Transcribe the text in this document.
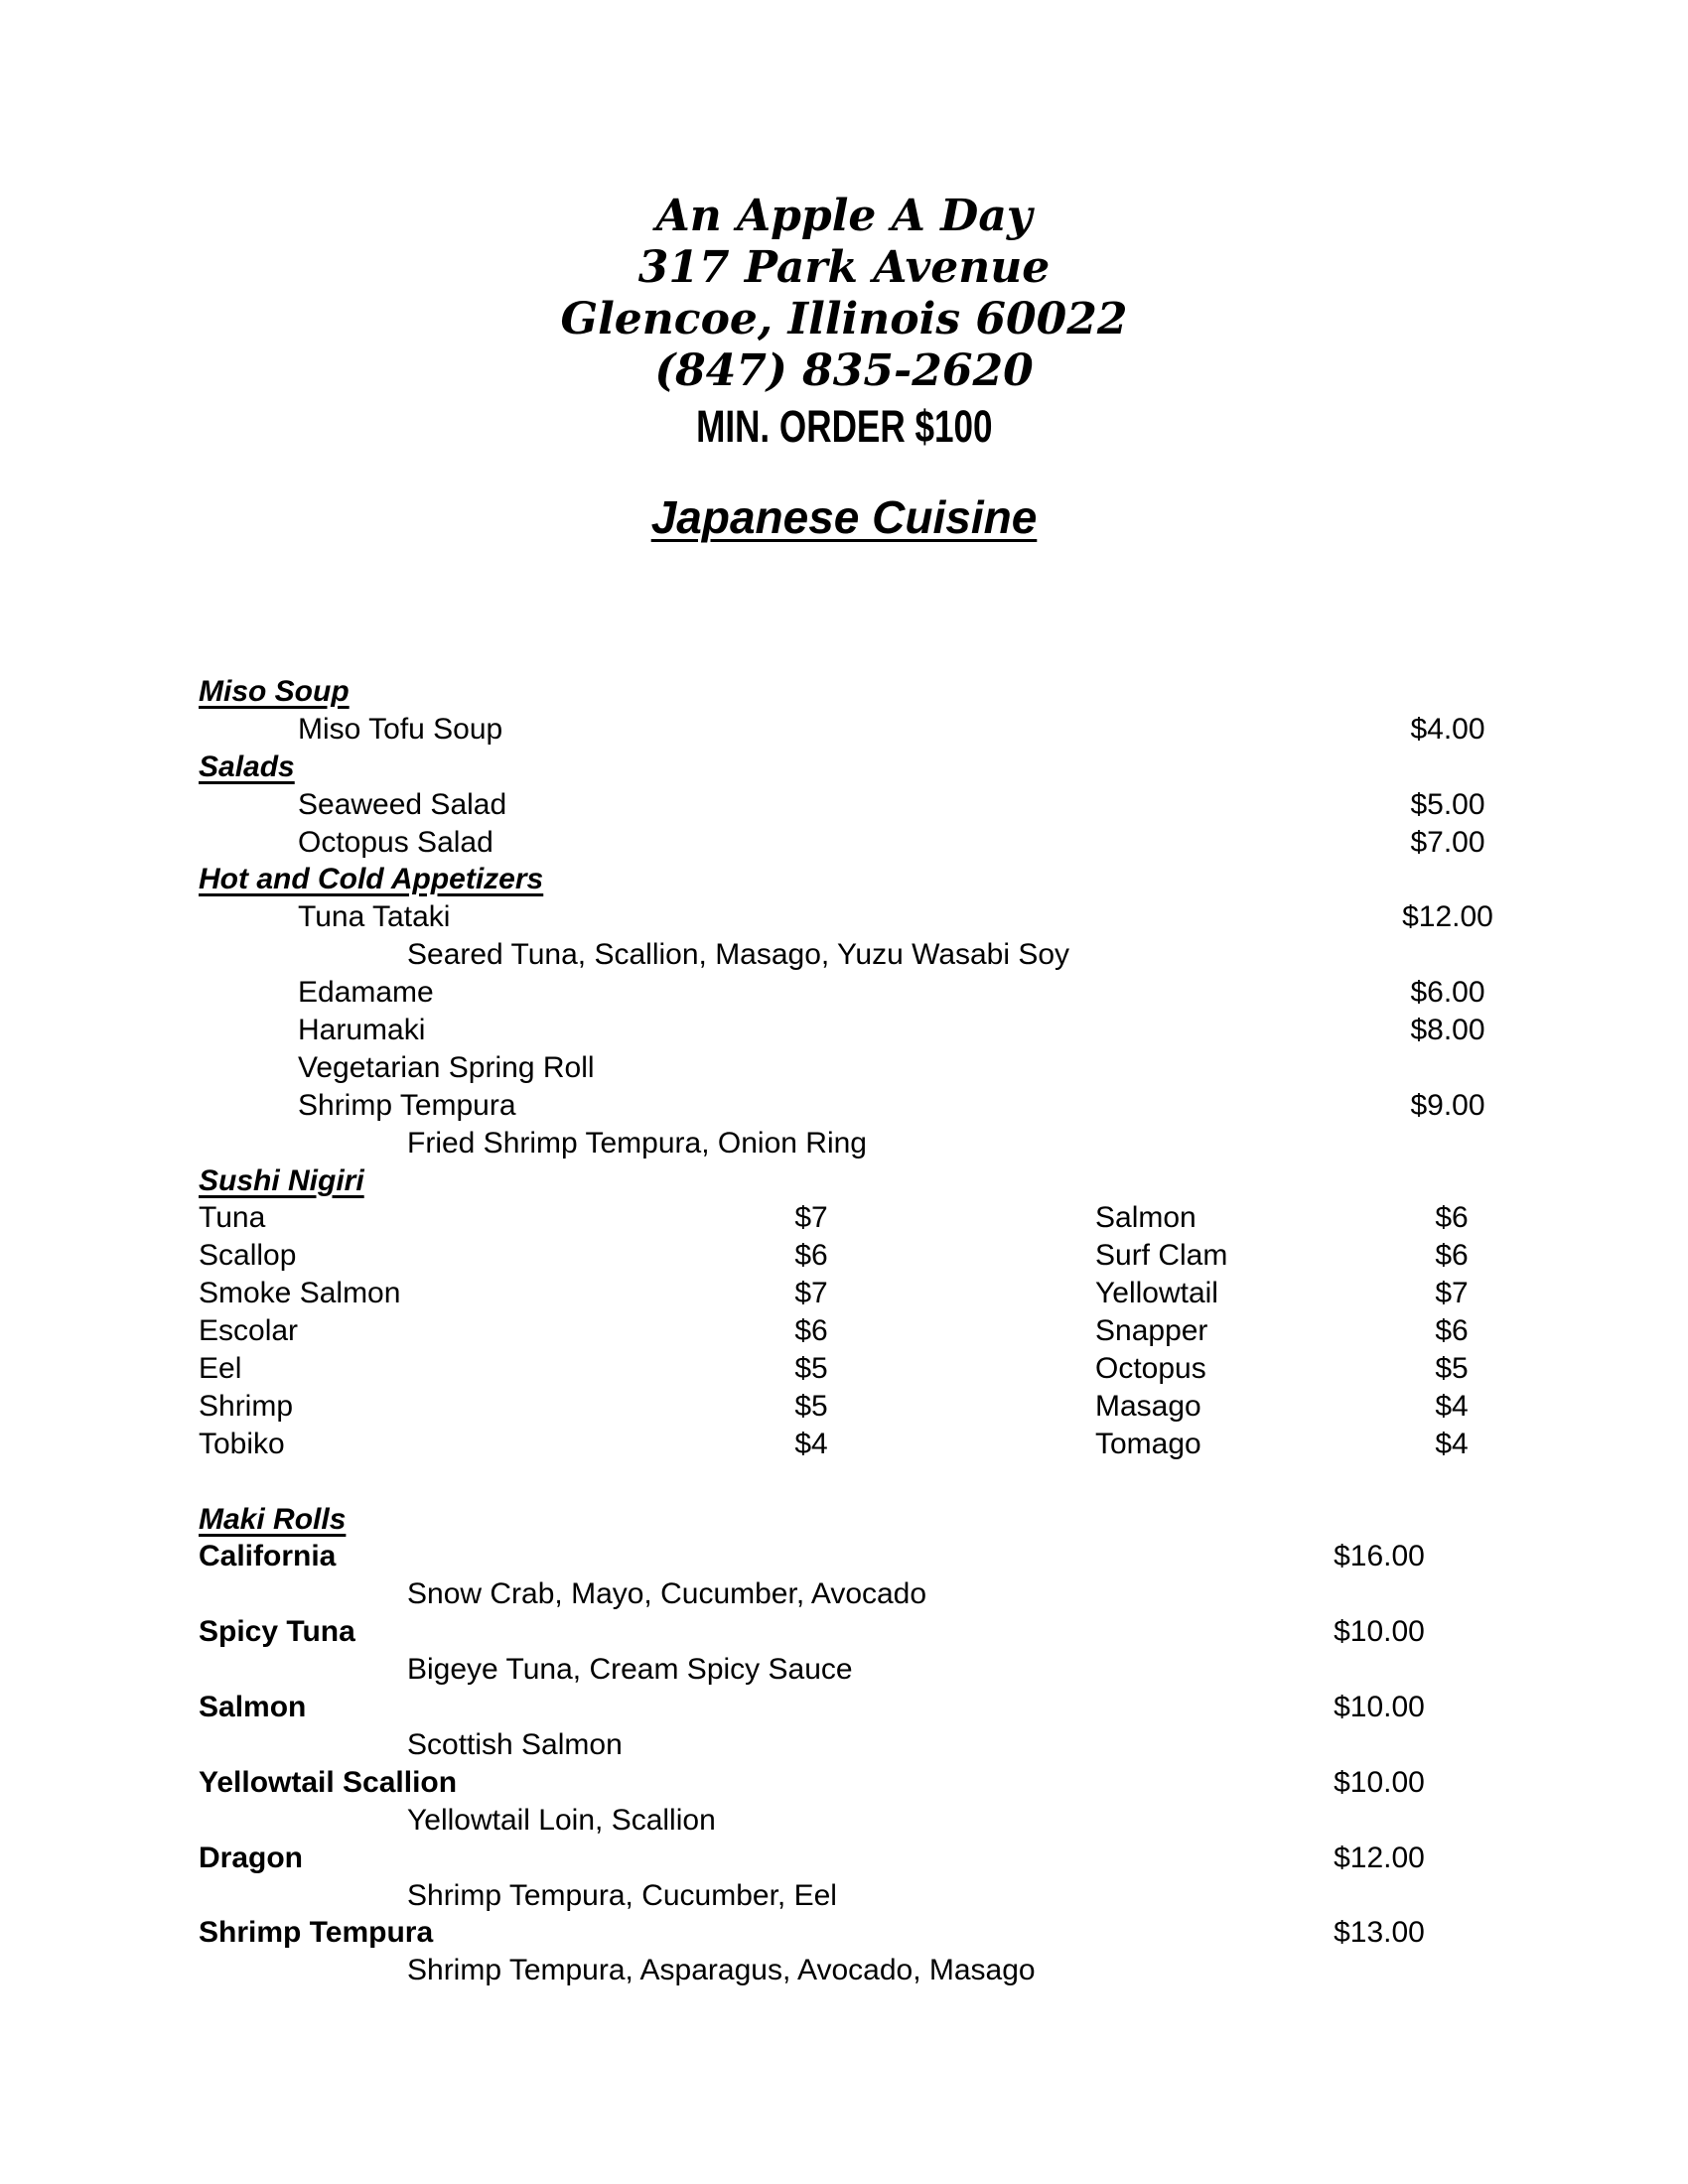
An Apple A Day
317 Park Avenue
Glencoe, Illinois 60022
(847) 835-2620
MIN. ORDER $100
Japanese Cuisine
Miso Soup
Miso Tofu Soup	$4.00
Salads
Seaweed Salad	$5.00
Octopus Salad	$7.00
Hot and Cold Appetizers
Tuna Tataki	$12.00
Seared Tuna, Scallion, Masago, Yuzu Wasabi Soy
Edamame	$6.00
Harumaki	$8.00
Vegetarian Spring Roll
Shrimp Tempura	$9.00
Fried Shrimp Tempura, Onion Ring
Sushi Nigiri
Tuna	$7	Salmon	$6
Scallop	$6	Surf Clam	$6
Smoke Salmon	$7	Yellowtail	$7
Escolar	$6	Snapper	$6
Eel	$5	Octopus	$5
Shrimp	$5	Masago	$4
Tobiko	$4	Tomago	$4
Maki Rolls
California	$16.00
Snow Crab, Mayo, Cucumber, Avocado
Spicy Tuna	$10.00
Bigeye Tuna, Cream Spicy Sauce
Salmon	$10.00
Scottish Salmon
Yellowtail Scallion	$10.00
Yellowtail Loin, Scallion
Dragon	$12.00
Shrimp Tempura, Cucumber, Eel
Shrimp Tempura	$13.00
Shrimp Tempura, Asparagus, Avocado, Masago
